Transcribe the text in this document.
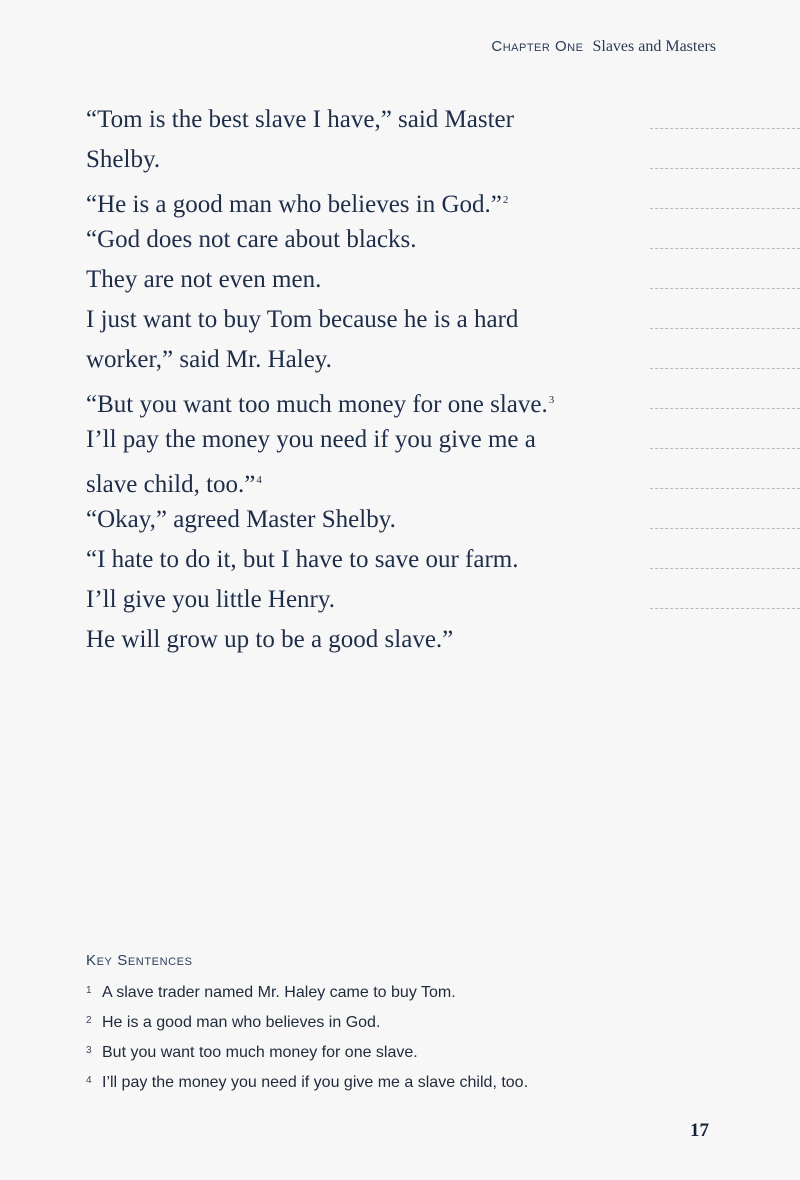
Chapter One Slaves and Masters
“Tom is the best slave I have,” said Master
Shelby.
“He is a good man who believes in God.”$^2$
“God does not care about blacks.
They are not even men.
I just want to buy Tom because he is a hard
worker,” said Mr. Haley.
“But you want too much money for one slave.$^3$
I’ll pay the money you need if you give me a
slave child, too.”$^4$
“Okay,” agreed Master Shelby.
“I hate to do it, but I have to save our farm.
I’ll give you little Henry.
He will grow up to be a good slave.”
Key Sentences
1 A slave trader named Mr. Haley came to buy Tom.
2 He is a good man who believes in God.
3 But you want too much money for one slave.
4 I’ll pay the money you need if you give me a slave child, too.
17
